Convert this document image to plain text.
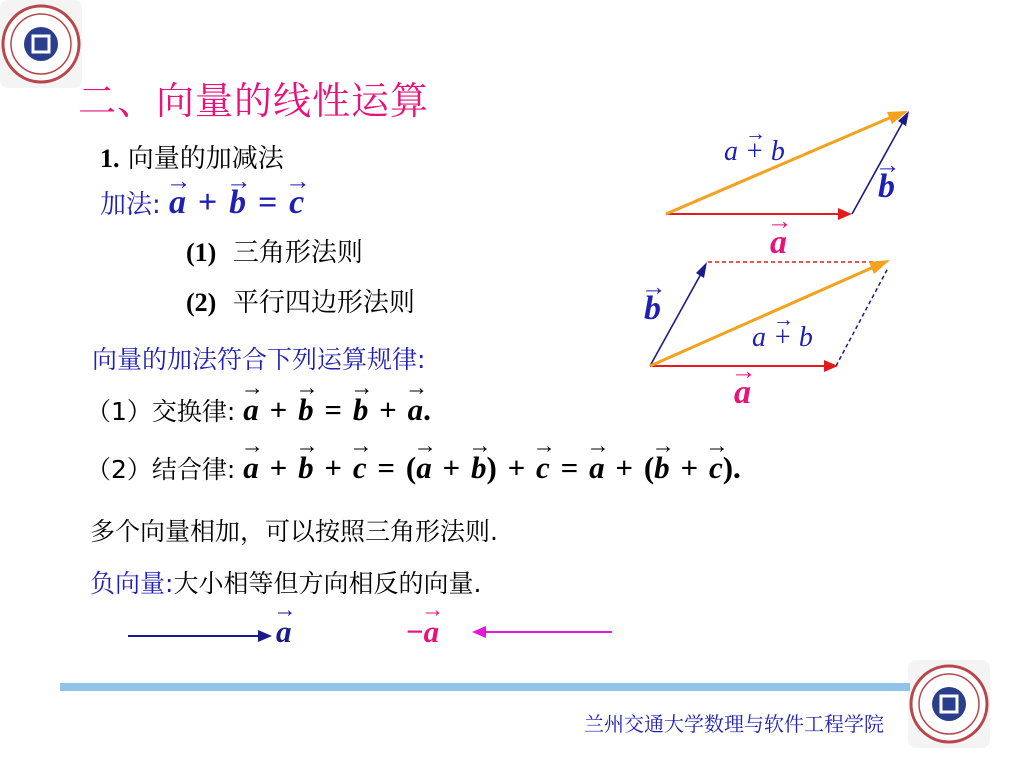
二、向量的线性运算
1. 向量的加减法
加法: → a + → b = → c
(1) 三角形法则
(2) 平行四边形法则
向量的加法符合下列运算规律:
（1）交换律: → a + → b = → b + → a.
（2）结合律: → a + → b + → c = (→ a + → b) + → c = → a + (→ b + → c).
多个向量相加，可以按照三角形法则.
负向量:大小相等但方向相反的向量.
→ a	−→ a
→ a + b
→ b
→ a
→ b
→ a + b
→ a
兰州交通大学数理与软件工程学院
